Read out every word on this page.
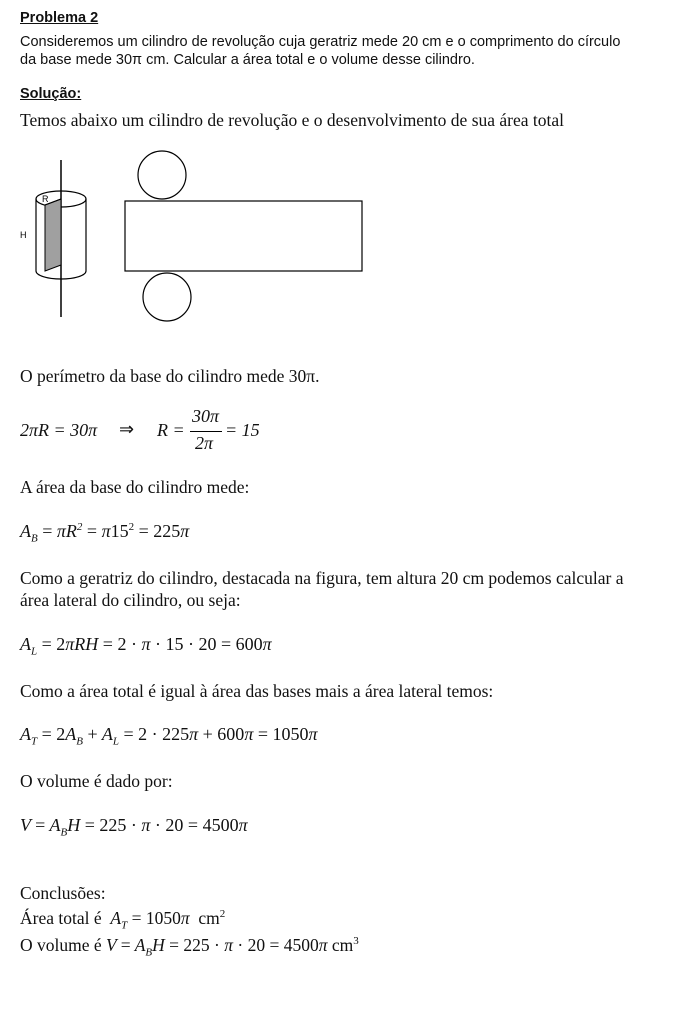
Problema 2
Consideremos um cilindro de revolução cuja geratriz mede 20 cm e o comprimento do círculo
da base mede 30π cm. Calcular a área total e o volume desse cilindro.
Solução:
Temos abaixo um cilindro de revolução e o desenvolvimento de sua área total
R
H
O perímetro da base do cilindro mede 30π.
2πR = 30π ⇒ R =
30π
2π
= 15
A área da base do cilindro mede:
$A_B = \pi R^2 = \pi 15^2 = 225\pi$
Como a geratriz do cilindro, destacada na figura, tem altura 20 cm podemos calcular a
área lateral do cilindro, ou seja:
$A_L = 2\pi RH = 2 \cdot \pi \cdot 15 \cdot 20 = 600\pi$
Como a área total é igual à área das bases mais a área lateral temos:
$A_T = 2A_B + A_L = 2 \cdot 225\pi + 600\pi = 1050\pi$
O volume é dado por:
$V = A_BH = 225 \cdot \pi \cdot 20 = 4500\pi$
Conclusões:
Área total é  $A_T = 1050\pi$  $cm^2$
O volume é $V = A_BH = 225 \cdot \pi \cdot 20 = 4500\pi$ $cm^3$
